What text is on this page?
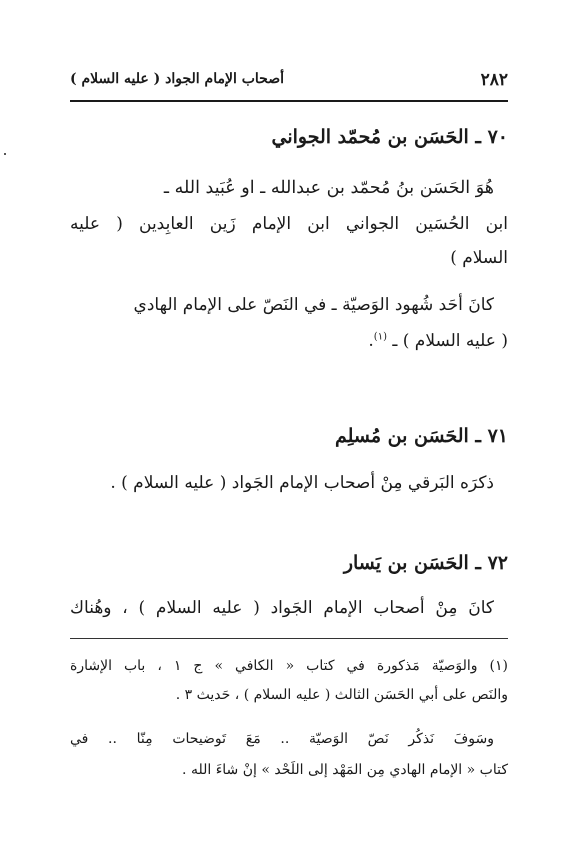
٢٨٢
أصحاب الإمام الجواد ( عليه السلام )
٧٠ ـ الحَسَن بن مُحمّد الجواني
هُوَ الحَسَن بنُ مُحمّد بن عبدالله ـ او عُبَيد الله ـ
ابن الحُسَين الجواني ابن الإمام زَين العابِدين ( عليه
السلام )
كانَ أحَد شُهود الوَصيّة ـ في النَصّ على الإمام الهادي
( عليه السلام ) ـ $^{(١)}$.
٧١ ـ الحَسَن بن مُسلِم
ذكرَه البَرقي مِنْ أصحاب الإمام الجَواد ( عليه السلام ) .
٧٢ ـ الحَسَن بن يَسار
كانَ مِنْ أصحاب الإمام الجَواد ( عليه السلام ) ، وهُناك
(١) والوَصيّة مَذكورة في كتاب « الكافي » ج ١ ، باب الإشارة
والنَص على أبي الحَسَن الثالث ( عليه السلام ) ، حَديث ٣ .
وسَوفَ نَذكُر نَصّ الوَصيّة .. مَعَ تَوضيحات مِنّا .. في
كتاب « الإمام الهادي مِن المَهْد إلى اللَحْد » إنْ شاءَ الله .
